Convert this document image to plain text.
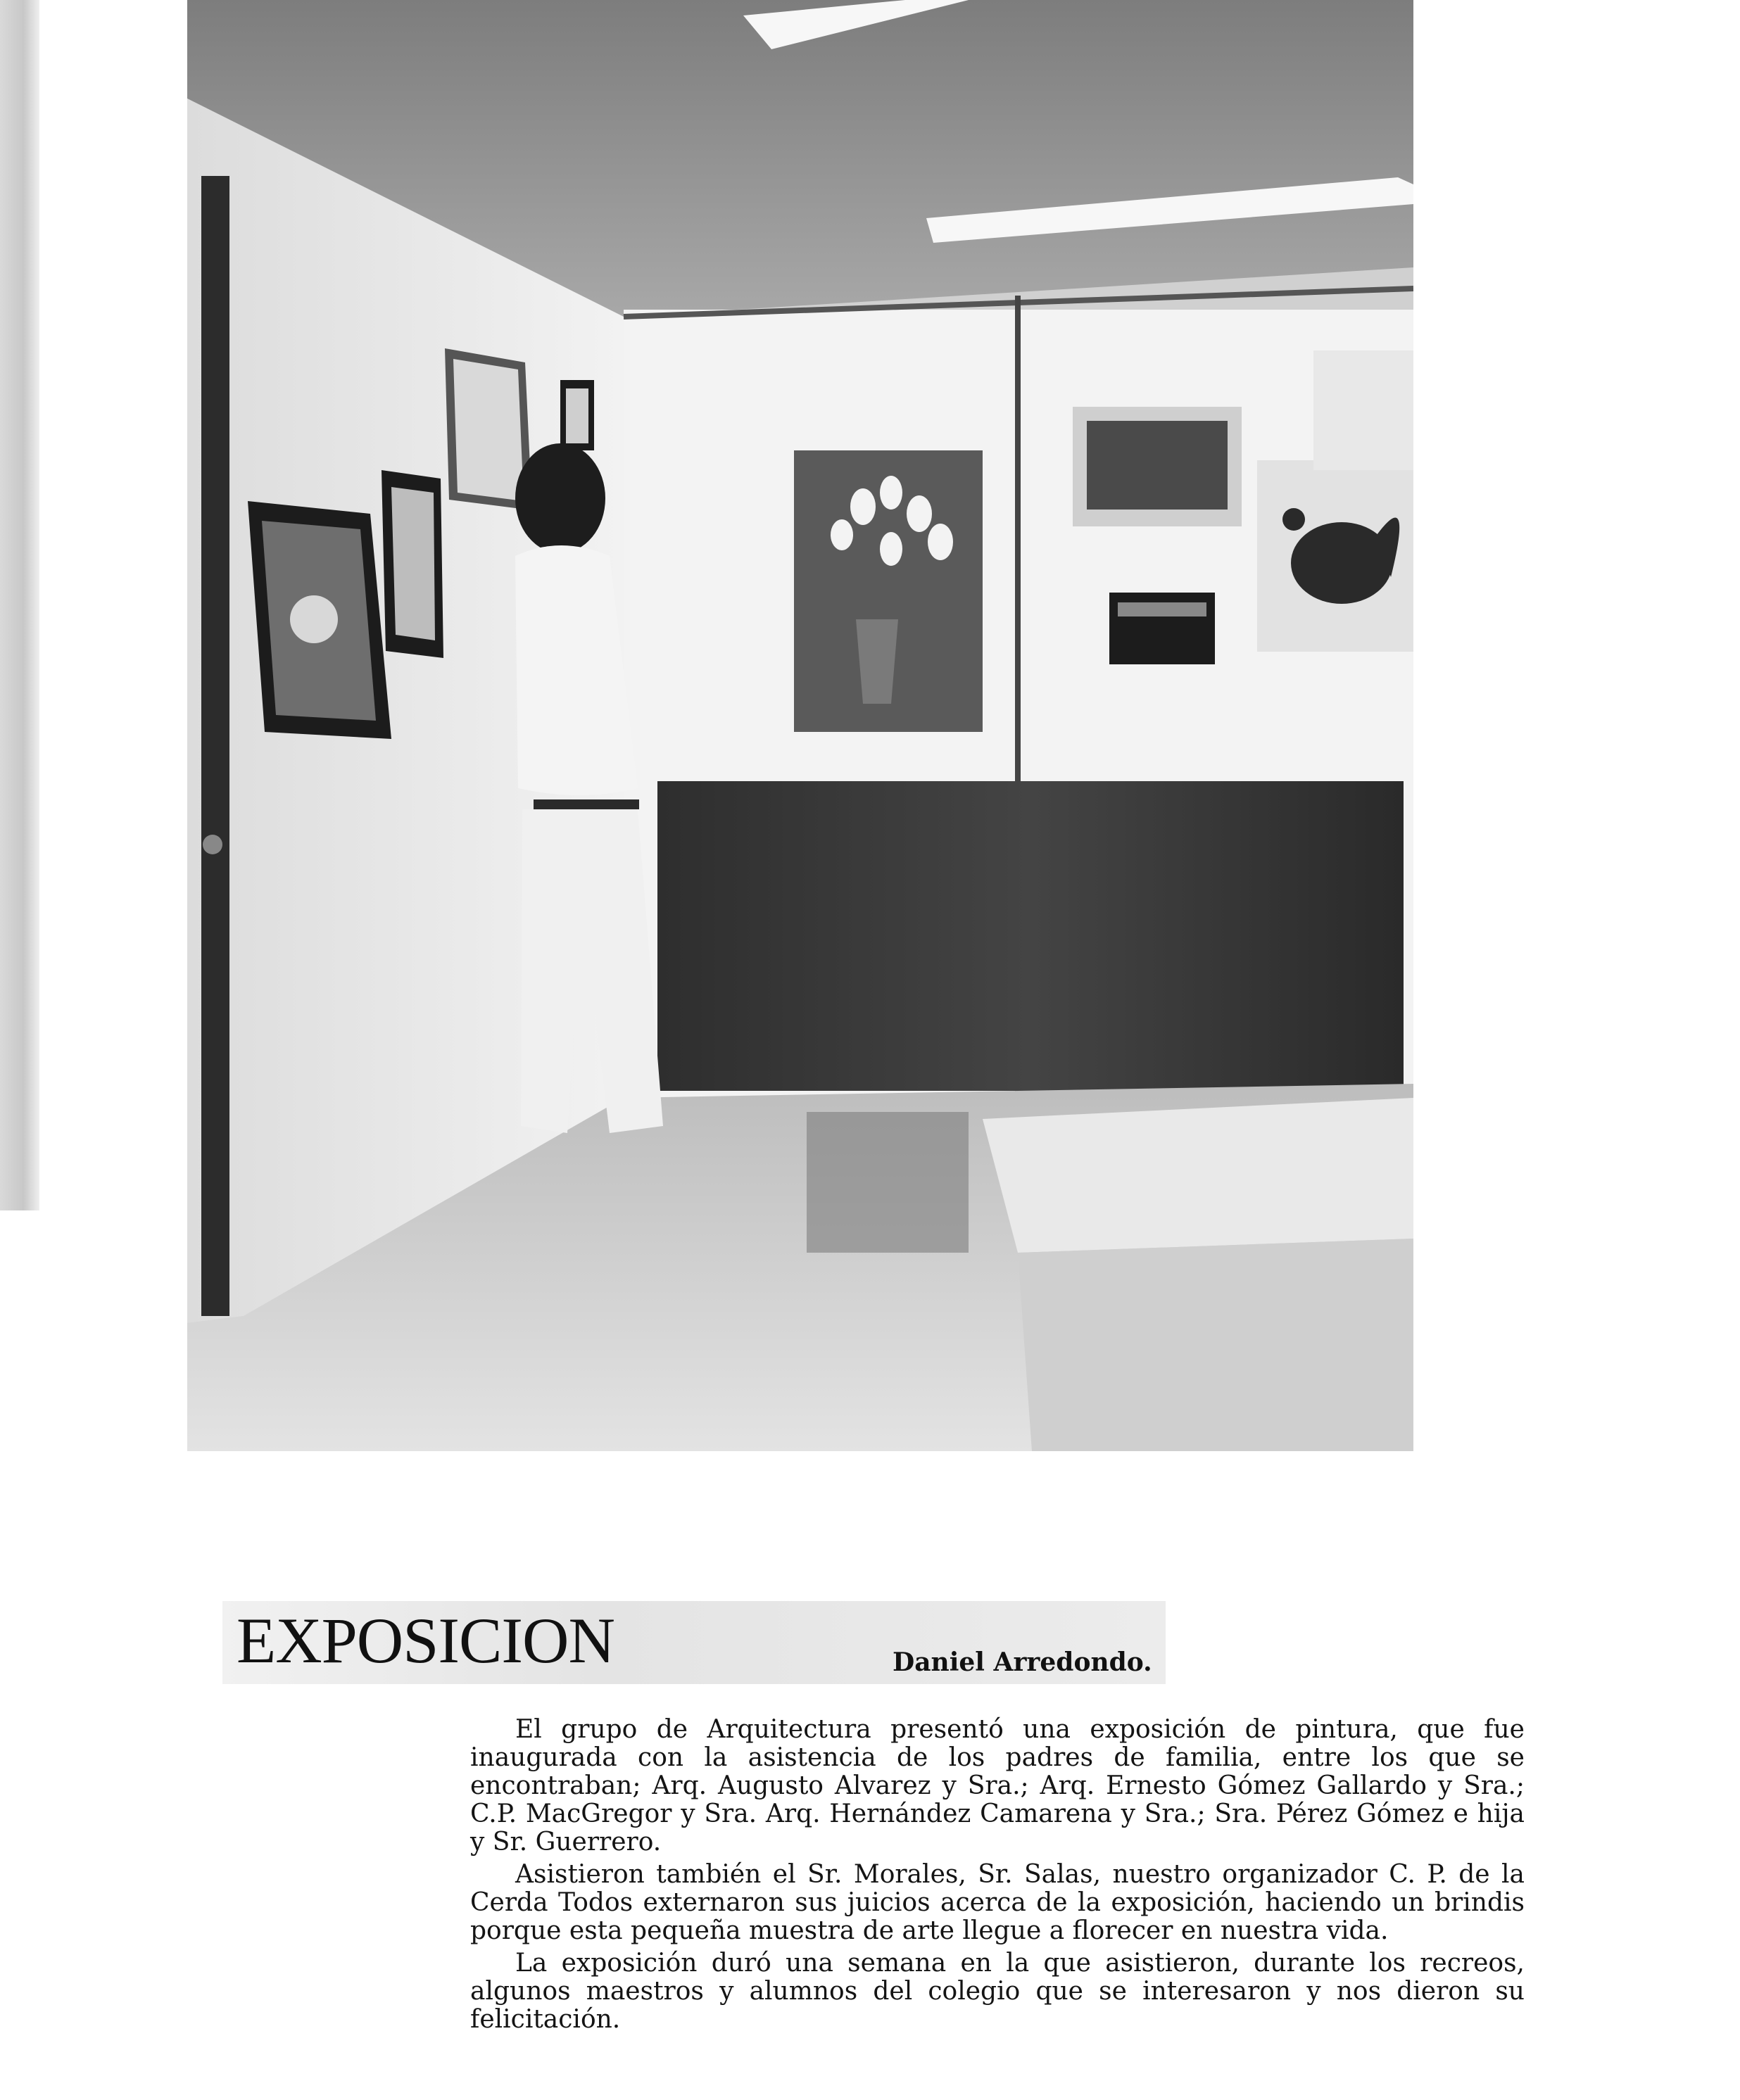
EXPOSICION	Daniel Arredondo.

El grupo de Arquitectura presentó una exposición de pintura, que fue inaugurada con la asistencia de los padres de familia, entre los que se encontraban; Arq. Augusto Alvarez y Sra.; Arq. Ernesto Gómez Gallardo y Sra.; C.P. MacGregor y Sra. Arq. Hernández Camarena y Sra.; Sra. Pérez Gómez e hija y Sr. Guerrero.

Asistieron también el Sr. Morales, Sr. Salas, nuestro organizador C. P. de la Cerda Todos externaron sus juicios acerca de la exposición, haciendo un brindis porque esta pequeña muestra de arte llegue a florecer en nuestra vida.

La exposición duró una semana en la que asistieron, durante los recreos, algunos maestros y alumnos del colegio que se interesaron y nos dieron su felicitación.
